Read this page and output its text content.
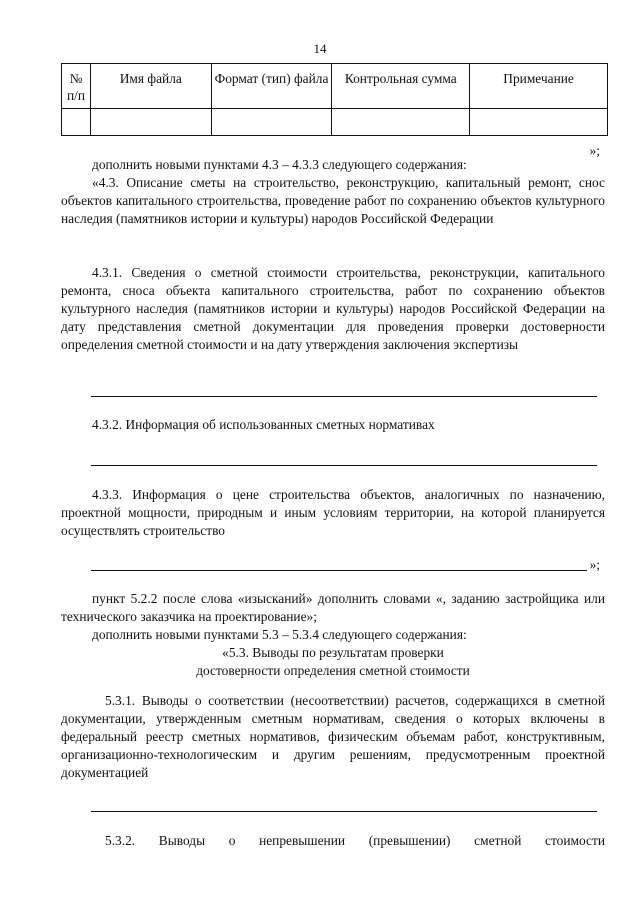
14
№ п/п	Имя файла	Формат (тип) файла	Контрольная сумма	Примечание

»;
дополнить новыми пунктами 4.3 – 4.3.3 следующего содержания:
«4.3. Описание сметы на строительство, реконструкцию, капитальный ремонт, снос объектов капитального строительства, проведение работ по сохранению объектов культурного наследия (памятников истории и культуры) народов Российской Федерации
4.3.1. Сведения о сметной стоимости строительства, реконструкции, капитального ремонта, сноса объекта капитального строительства, работ по сохранению объектов культурного наследия (памятников истории и культуры) народов Российской Федерации на дату представления сметной документации для проведения проверки достоверности определения сметной стоимости и на дату утверждения заключения экспертизы
4.3.2. Информация об использованных сметных нормативах
4.3.3. Информация о цене строительства объектов, аналогичных по назначению, проектной мощности, природным и иным условиям территории, на которой планируется осуществлять строительство
»;
пункт 5.2.2 после слова «изысканий» дополнить словами «, заданию застройщика или технического заказчика на проектирование»;
дополнить новыми пунктами 5.3 – 5.3.4 следующего содержания:
«5.3. Выводы по результатам проверки
достоверности определения сметной стоимости
5.3.1. Выводы о соответствии (несоответствии) расчетов, содержащихся в сметной документации, утвержденным сметным нормативам, сведения о которых включены в федеральный реестр сметных нормативов, физическим объемам работ, конструктивным, организационно-технологическим и другим решениям, предусмотренным проектной документацией
5.3.2. Выводы о непревышении (превышении) сметной стоимости
